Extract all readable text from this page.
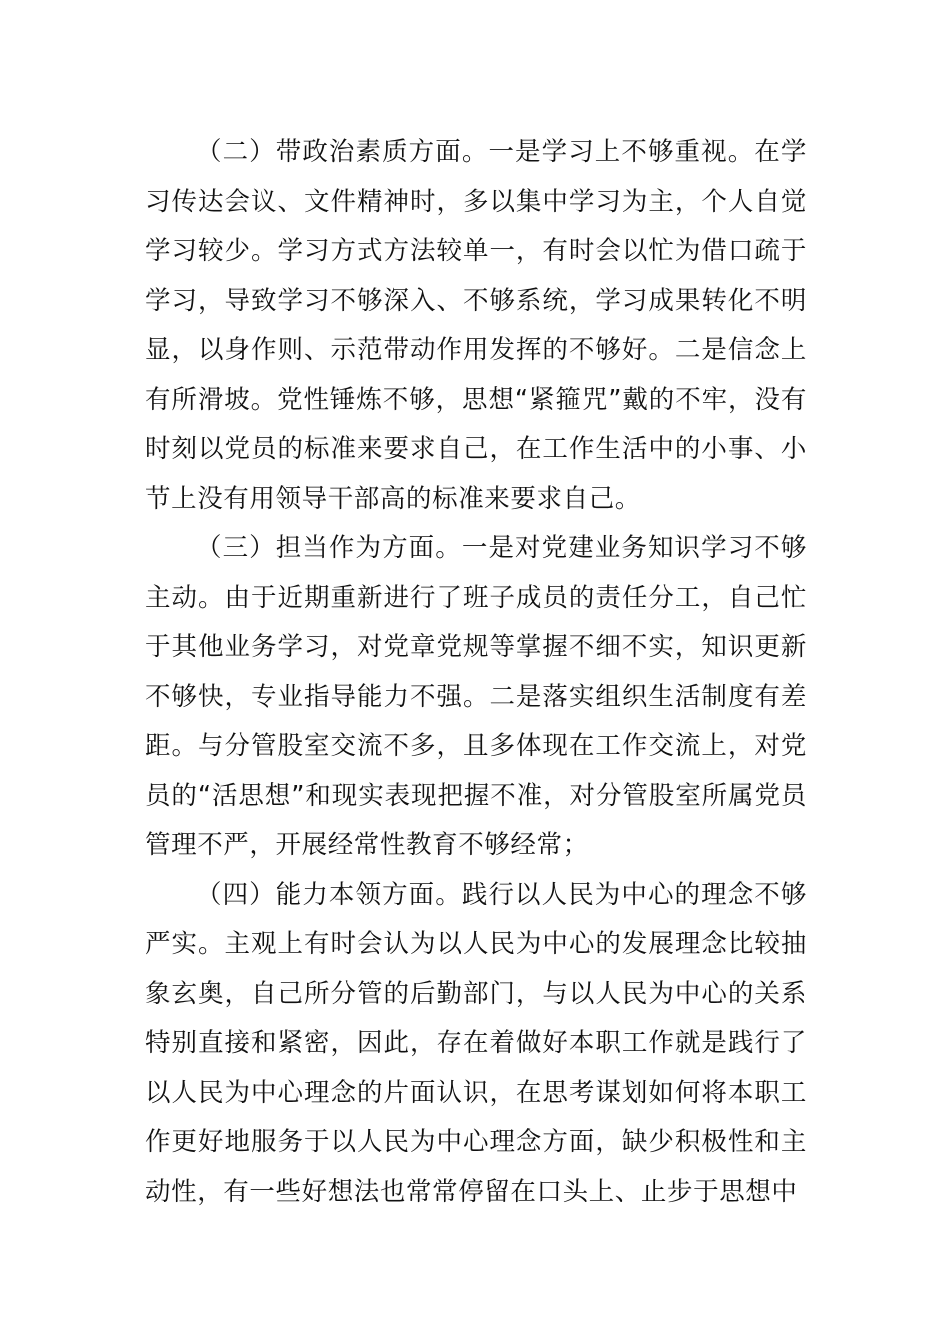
（二）带政治素质方面。一是学习上不够重视。在学习传达会议、文件精神时，多以集中学习为主，个人自觉学习较少。学习方式方法较单一，有时会以忙为借口疏于学习，导致学习不够深入、不够系统，学习成果转化不明显，以身作则、示范带动作用发挥的不够好。二是信念上有所滑坡。党性锤炼不够，思想“紧箍咒”戴的不牢，没有时刻以党员的标准来要求自己，在工作生活中的小事、小节上没有用领导干部高的标准来要求自己。

（三）担当作为方面。一是对党建业务知识学习不够主动。由于近期重新进行了班子成员的责任分工，自己忙于其他业务学习，对党章党规等掌握不细不实，知识更新不够快，专业指导能力不强。二是落实组织生活制度有差距。与分管股室交流不多，且多体现在工作交流上，对党员的“活思想”和现实表现把握不准，对分管股室所属党员管理不严，开展经常性教育不够经常；

（四）能力本领方面。践行以人民为中心的理念不够严实。主观上有时会认为以人民为中心的发展理念比较抽象玄奥，自己所分管的后勤部门，与以人民为中心的关系特别直接和紧密，因此，存在着做好本职工作就是践行了以人民为中心理念的片面认识，在思考谋划如何将本职工作更好地服务于以人民为中心理念方面，缺少积极性和主动性，有一些好想法也常常停留在口头上、止步于思想中
